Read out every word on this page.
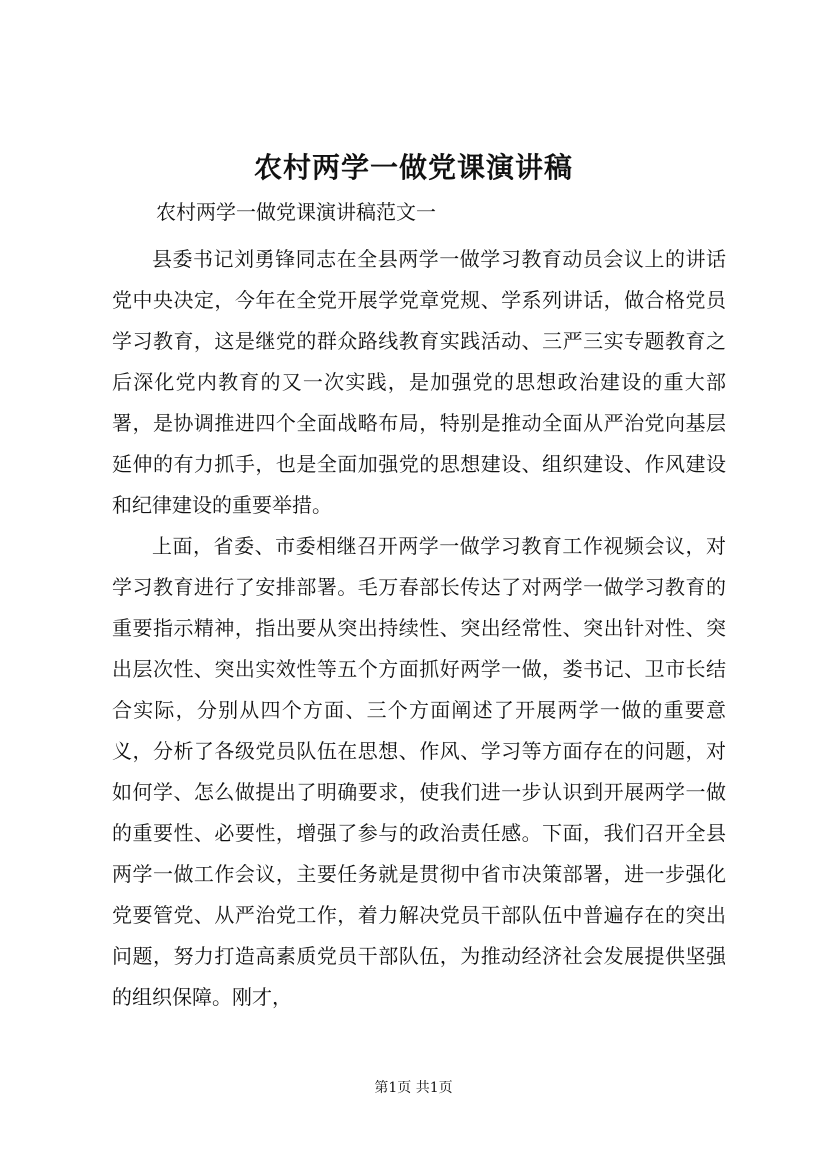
农村两学一做党课演讲稿
农村两学一做党课演讲稿范文一

县委书记刘勇锋同志在全县两学一做学习教育动员会议上的讲话党中央决定，今年在全党开展学党章党规、学系列讲话，做合格党员学习教育，这是继党的群众路线教育实践活动、三严三实专题教育之后深化党内教育的又一次实践，是加强党的思想政治建设的重大部署，是协调推进四个全面战略布局，特别是推动全面从严治党向基层延伸的有力抓手，也是全面加强党的思想建设、组织建设、作风建设和纪律建设的重要举措。

上面，省委、市委相继召开两学一做学习教育工作视频会议，对学习教育进行了安排部署。毛万春部长传达了对两学一做学习教育的重要指示精神，指出要从突出持续性、突出经常性、突出针对性、突出层次性、突出实效性等五个方面抓好两学一做，娄书记、卫市长结合实际，分别从四个方面、三个方面阐述了开展两学一做的重要意义，分析了各级党员队伍在思想、作风、学习等方面存在的问题，对如何学、怎么做提出了明确要求，使我们进一步认识到开展两学一做的重要性、必要性，增强了参与的政治责任感。下面，我们召开全县两学一做工作会议，主要任务就是贯彻中省市决策部署，进一步强化党要管党、从严治党工作，着力解决党员干部队伍中普遍存在的突出问题，努力打造高素质党员干部队伍，为推动经济社会发展提供坚强的组织保障。刚才，

第1页 共1页
